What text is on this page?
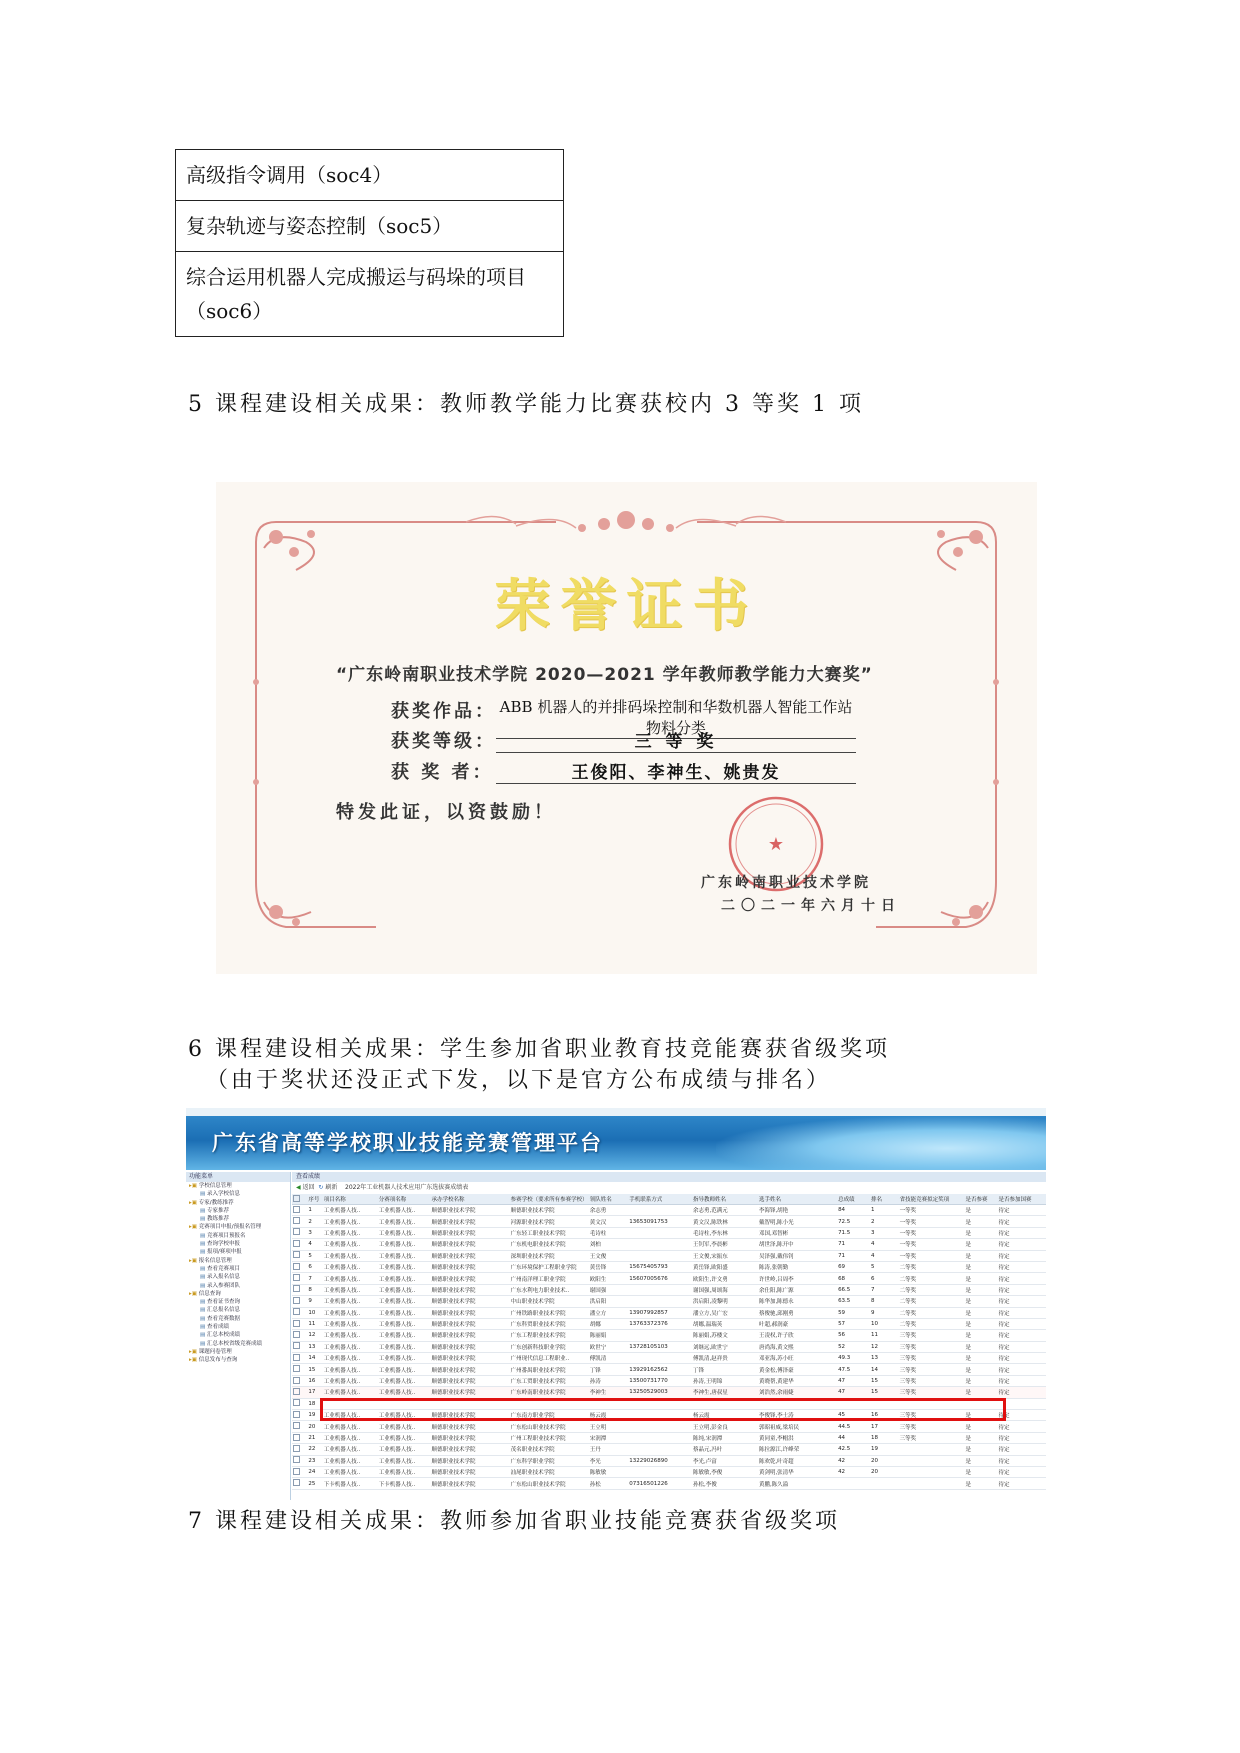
高级指令调用（soc4）
复杂轨迹与姿态控制（soc5）
综合运用机器人完成搬运与码垛的项目（soc6）
5 课程建设相关成果：教师教学能力比赛获校内 3 等奖 1 项
★
荣誉证书
“广东岭南职业技术学院 2020—2021 学年教师教学能力大赛奖”
获奖作品： ABB 机器人的并排码垛控制和华数机器人智能工作站物料分类
获奖等级：	三 等 奖
获 奖 者：	王俊阳、李神生、姚贵发
特发此证，以资鼓励！
广东岭南职业技术学院
二〇二一年六月十日
6 课程建设相关成果：学生参加省职业教育技竞能赛获省级奖项
（由于奖状还没正式下发，以下是官方公布成绩与排名）
广东省高等学校职业技能竞赛管理平台
功能菜单
▸▣ 学校信息管理
▤ 录入学校信息
▸▣ 专家/教练推荐
▤ 专家推荐
▤ 教练推荐
▸▣ 竞赛项目申报/预报名管理
▤ 竞赛项目预报名
▤ 查询学校申报
▤ 报项/赛项申报
▸▣ 报名信息管理
▤ 查看竞赛项目
▤ 录入报名信息
▤ 录入参赛团队
▸▣ 信息查询
▤ 查看证书查询
▤ 汇总报名信息
▤ 查看竞赛数据
▤ 查看成绩
▤ 汇总本校成绩
▤ 汇总本校省级竞赛成绩
▸▣ 课题问卷管理
▸▣ 信息发布与查询
查看成绩
◀ 返回 ↻ 刷新 2022年工业机器人技术应用广东选拔赛成绩表
	序号	项目名称	分赛项名称	承办学校名称	参赛学校（要求所有参赛学校）	领队姓名	手机联系方式	指导教师姓名	选手姓名	总成绩	排名	省技能竞赛拟定奖项	是否参赛	是否参加国赛
	1	工业机器人技..	工业机器人技..	顺德职业技术学院	顺德职业技术学院	余志勇		余志勇,范满元	李海锋,胡艳	84	1	一等奖	是	待定
	2	工业机器人技..	工业机器人技..	顺德职业技术学院	河源职业技术学院	黄文汉	13653091753	黄文汉,陈铁林	戴智明,陈小光	72.5	2	一等奖	是	待定
	3	工业机器人技..	工业机器人技..	顺德职业技术学院	广东轻工职业技术学院	毛诗柱		毛诗柱,李东林	邓国,邓智彬	71.5	3	一等奖	是	待定
	4	工业机器人技..	工业机器人技..	顺德职业技术学院	广东机电职业技术学院	刘柏		王钊军,李晨彬	胡世泽,陈开中	71	4	一等奖	是	待定
	5	工业机器人技..	工业机器人技..	顺德职业技术学院	深圳职业技术学院	王文俊		王文俊,宋振东	吴泽强,戴伟钊	71	4	一等奖	是	待定
	6	工业机器人技..	工业机器人技..	顺德职业技术学院	广东环境保护工程职业学院	黄岳锋	15675405793	黄岳锋,欧阳盛	陈涛,张朝勤	69	5	二等奖	是	待定
	7	工业机器人技..	工业机器人技..	顺德职业技术学院	广州南洋理工职业学院	欧阳生	15607005676	欧阳生,许文勇	许世岭,吕周李	68	6	二等奖	是	待定
	8	工业机器人技..	工业机器人技..	顺德职业技术学院	广东水利电力职业技术..	谢国强		谢国强,周颂海	余仕阳,陈广源	66.5	7	二等奖	是	待定
	9	工业机器人技..	工业机器人技..	顺德职业技术学院	中山职业技术学院	洪启阳		洪启阳,凌黎明	陈华加,陈德永	63.5	8	二等奖	是	待定
	10	工业机器人技..	工业机器人技..	顺德职业技术学院	广州铁路职业技术学院	潘立方	13907992857	潘立方,吴广宏	蔡俊驰,邱刚勇	59	9	二等奖	是	待定
	11	工业机器人技..	工业机器人技..	顺德职业技术学院	广东科贸职业技术学院	胡娜	13763372376	胡娜,温瑞英	叶超,郝润豪	57	10	二等奖	是	待定
	12	工业机器人技..	工业机器人技..	顺德职业技术学院	广东工程职业技术学院	陈丽娟		陈丽娟,苏楼文	王凌权,许子欣	56	11	三等奖	是	待定
	13	工业机器人技..	工业机器人技..	顺德职业技术学院	广东创新科技职业学院	欧世宁	13728105103	刘继远,欧世宁	唐尚海,黄文熙	52	12	三等奖	是	待定
	14	工业机器人技..	工业机器人技..	顺德职业技术学院	广州现代信息工程职业..	傅凯清		傅凯清,赵祥贵	邓亚海,苏小旺	49.3	13	三等奖	是	待定
	15	工业机器人技..	工业机器人技..	顺德职业技术学院	广州番禺职业技术学院	丁锋	13929162562	丁锋	黄金松,傅泽豪	47.5	14	三等奖	是	待定
	16	工业机器人技..	工业机器人技..	顺德职业技术学院	广东工贸职业技术学院	孙涛	13500731770	孙涛,王明锦	黄晓帮,黄建华	47	15	三等奖	是	待定
	17	工业机器人技..	工业机器人技..	顺德职业技术学院	广东岭南职业技术学院	李神生	13250529003	李神生,唐叔星	刘浩然,余雨婕	47	15	三等奖	是	待定
	18													
	19	工业机器人技..	工业机器人技..	顺德职业技术学院	广东南方职业学院	杨云霞		杨云霞	李俊锋,李士涛	45	16	三等奖	是	待定
	20	工业机器人技..	工业机器人技..	顺德职业技术学院	广东松山职业技术学院	王立明		王立明,彭金良	郭昭祖威,梁培民	44.5	17	三等奖	是	待定
	21	工业机器人技..	工业机器人技..	顺德职业技术学院	广州工程职业技术学院	宋润潭		陈纯,宋润潭	黄同童,李帽洪	44	18	三等奖	是	待定
	22	工业机器人技..	工业机器人技..	顺德职业技术学院	茂名职业技术学院	王丹		蔡晶元,冯叶	陈拉源江,许峰荣	42.5	19		是	待定
	23	工业机器人技..	工业机器人技..	顺德职业技术学院	广东科学职业学院	李光	13229026890	李光,卢富	陈欢乾,叶奇超	42	20		是	待定
	24	工业机器人技..	工业机器人技..	顺德职业技术学院	汕尾职业技术学院	陈敏敏		陈敏敏,李俊	黄剑明,张清华	42	20		是	待定
	25	下卡机器人技..	下卡机器人技..	顺德职业技术学院	广东松山职业技术学院	孙松	07316501226	孙松,李俊	黄鹏,陈久溢				是	待定
7 课程建设相关成果：教师参加省职业技能竞赛获省级奖项
